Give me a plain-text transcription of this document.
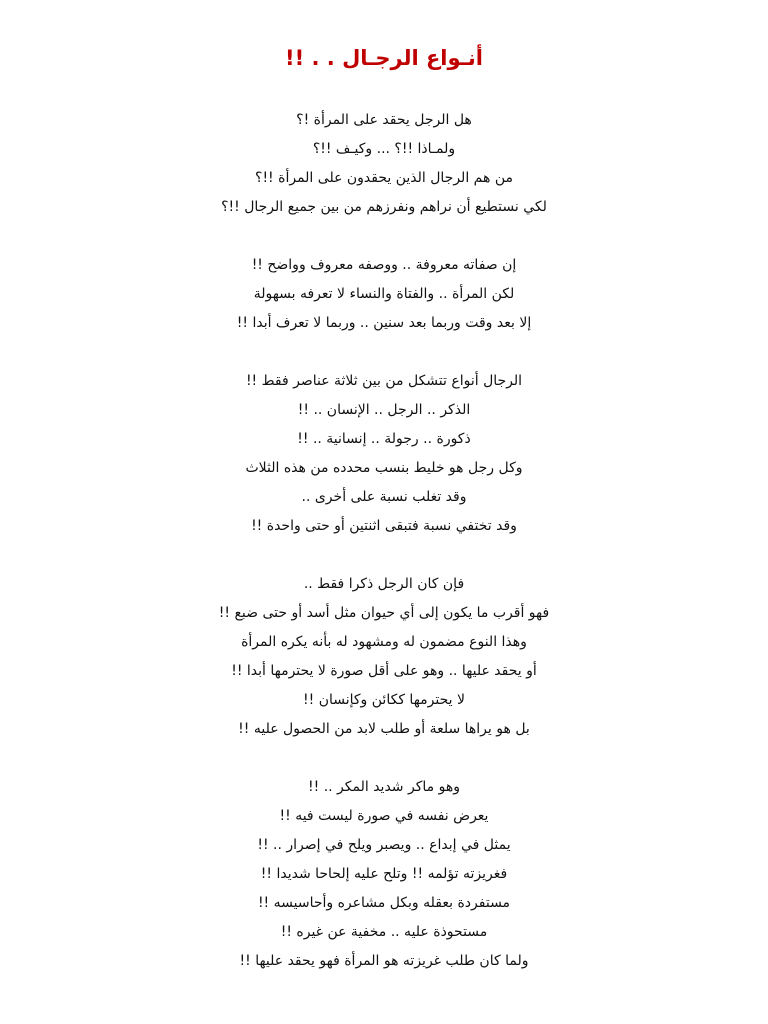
أنـواع الرجـال . . !!
هل الرجل يحقد على المرأة !؟
ولمـاذا !!؟ ... وكيـف !!؟
من هم الرجال الذين يحقدون على المرأة !!؟
لكي نستطيع أن نراهم ونفرزهم من بين جميع الرجال !!؟
إن صفاته معروفة .. ووصفه معروف وواضح !!
لكن المرأة .. والفتاة والنساء لا تعرفه بسهولة
إلا بعد وقت وربما بعد سنين .. وربما لا تعرف أبدا !!
الرجال أنواع تتشكل من بين ثلاثة عناصر فقط !!
الذكر .. الرجل .. الإنسان .. !!
ذكورة .. رجولة .. إنسانية .. !!
وكل رجل هو خليط بنسب محدده من هذه الثلاث
وقد تغلب نسبة على أخرى ..
وقد تختفي نسبة فتبقى اثنتين أو حتى واحدة !!
فإن كان الرجل ذكرا فقط ..
فهو أقرب ما يكون إلى أي حيوان مثل أسد أو حتى ضبع !!
وهذا النوع مضمون له ومشهود له بأنه يكره المرأة
أو يحقد عليها .. وهو على أقل صورة لا يحترمها أبدا !!
لا يحترمها ككائن وكإنسان !!
بل هو يراها سلعة أو طلب لابد من الحصول عليه !!
وهو ماكر شديد المكر .. !!
يعرض نفسه في صورة ليست فيه !!
يمثل في إبداع .. ويصبر ويلح في إصرار .. !!
فغريزته تؤلمه !! وتلح عليه إلحاحا شديدا !!
مستفردة بعقله وبكل مشاعره وأحاسيسه !!
مستحوذة عليه .. مخفية عن غيره !!
ولما كان طلب غريزته هو المرأة فهو يحقد عليها !!
